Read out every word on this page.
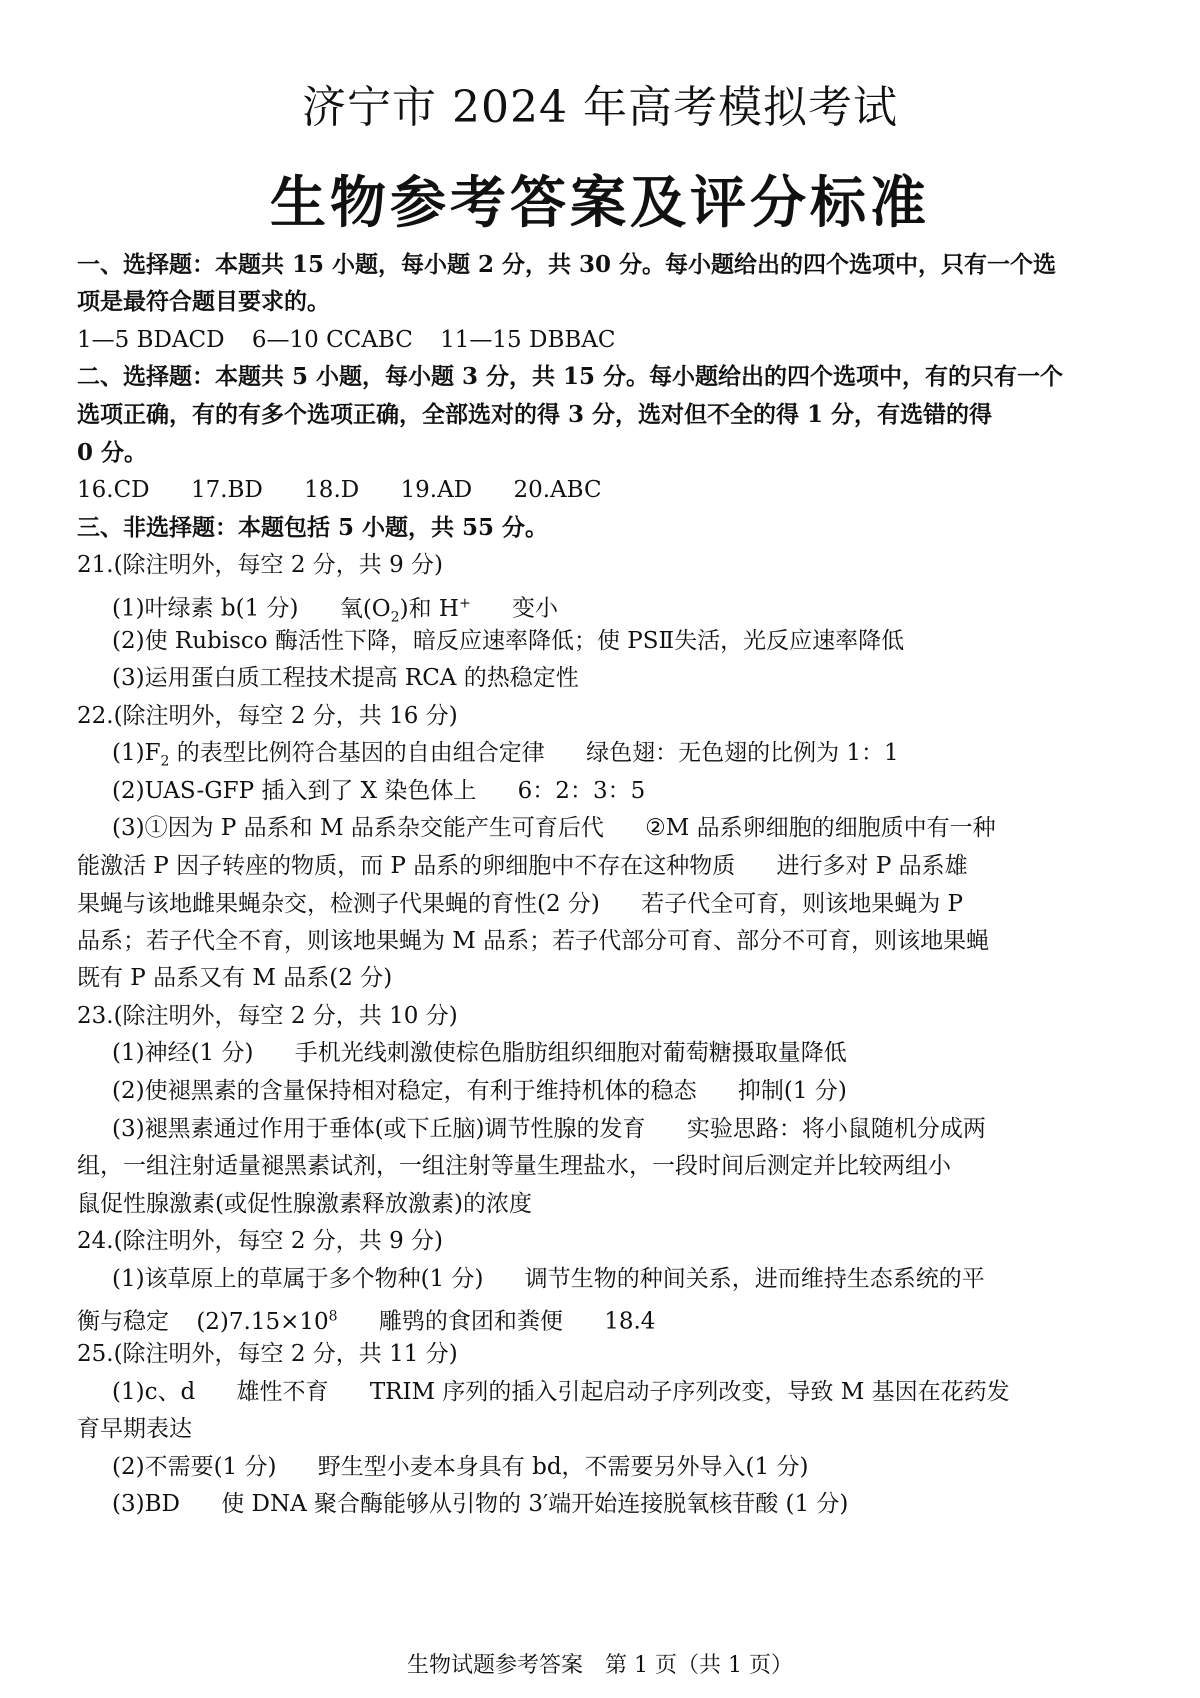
济宁市 2024 年高考模拟考试
生物参考答案及评分标准
一、选择题：本题共 15 小题，每小题 2 分，共 30 分。每小题给出的四个选项中，只有一个选
项是最符合题目要求的。
1—5 BDACD 6—10 CCABC 11—15 DBBAC
二、选择题：本题共 5 小题，每小题 3 分，共 15 分。每小题给出的四个选项中，有的只有一个
选项正确，有的有多个选项正确，全部选对的得 3 分，选对但不全的得 1 分，有选错的得
0 分。
16.CD 17.BD 18.D 19.AD 20.ABC
三、非选择题：本题包括 5 小题，共 55 分。
21.(除注明外，每空 2 分，共 9 分)
(1)叶绿素 b(1 分) 氧$(O_2)$和 H+ 变小
(2)使 Rubisco 酶活性下降，暗反应速率降低；使 PSⅡ失活，光反应速率降低
(3)运用蛋白质工程技术提高 RCA 的热稳定性
22.(除注明外，每空 2 分，共 16 分)
$(1)F_2$ 的表型比例符合基因的自由组合定律 绿色翅：无色翅的比例为 1：1
(2)UAS-GFP 插入到了 X 染色体上 6：2：3：5
(3)①因为 P 品系和 M 品系杂交能产生可育后代 ②M 品系卵细胞的细胞质中有一种
能激活 P 因子转座的物质，而 P 品系的卵细胞中不存在这种物质 进行多对 P 品系雄
果蝇与该地雌果蝇杂交，检测子代果蝇的育性(2 分) 若子代全可育，则该地果蝇为 P
品系；若子代全不育，则该地果蝇为 M 品系；若子代部分可育、部分不可育，则该地果蝇
既有 P 品系又有 M 品系(2 分)
23.(除注明外，每空 2 分，共 10 分)
(1)神经(1 分) 手机光线刺激使棕色脂肪组织细胞对葡萄糖摄取量降低
(2)使褪黑素的含量保持相对稳定，有利于维持机体的稳态 抑制(1 分)
(3)褪黑素通过作用于垂体(或下丘脑)调节性腺的发育 实验思路：将小鼠随机分成两
组，一组注射适量褪黑素试剂，一组注射等量生理盐水，一段时间后测定并比较两组小
鼠促性腺激素(或促性腺激素释放激素)的浓度
24.(除注明外，每空 2 分，共 9 分)
(1)该草原上的草属于多个物种(1 分) 调节生物的种间关系，进而维持生态系统的平
衡与稳定 $(2)7.15\times 10^8$ 雕鸮的食团和粪便 18.4
25.(除注明外，每空 2 分，共 11 分)
(1)c、d 雄性不育 TRIM 序列的插入引起启动子序列改变，导致 M 基因在花药发
育早期表达
(2)不需要(1 分) 野生型小麦本身具有 bd，不需要另外导入(1 分)
(3)BD 使 DNA 聚合酶能够从引物的 3′端开始连接脱氧核苷酸 (1 分)
生物试题参考答案　第 1 页（共 1 页）
